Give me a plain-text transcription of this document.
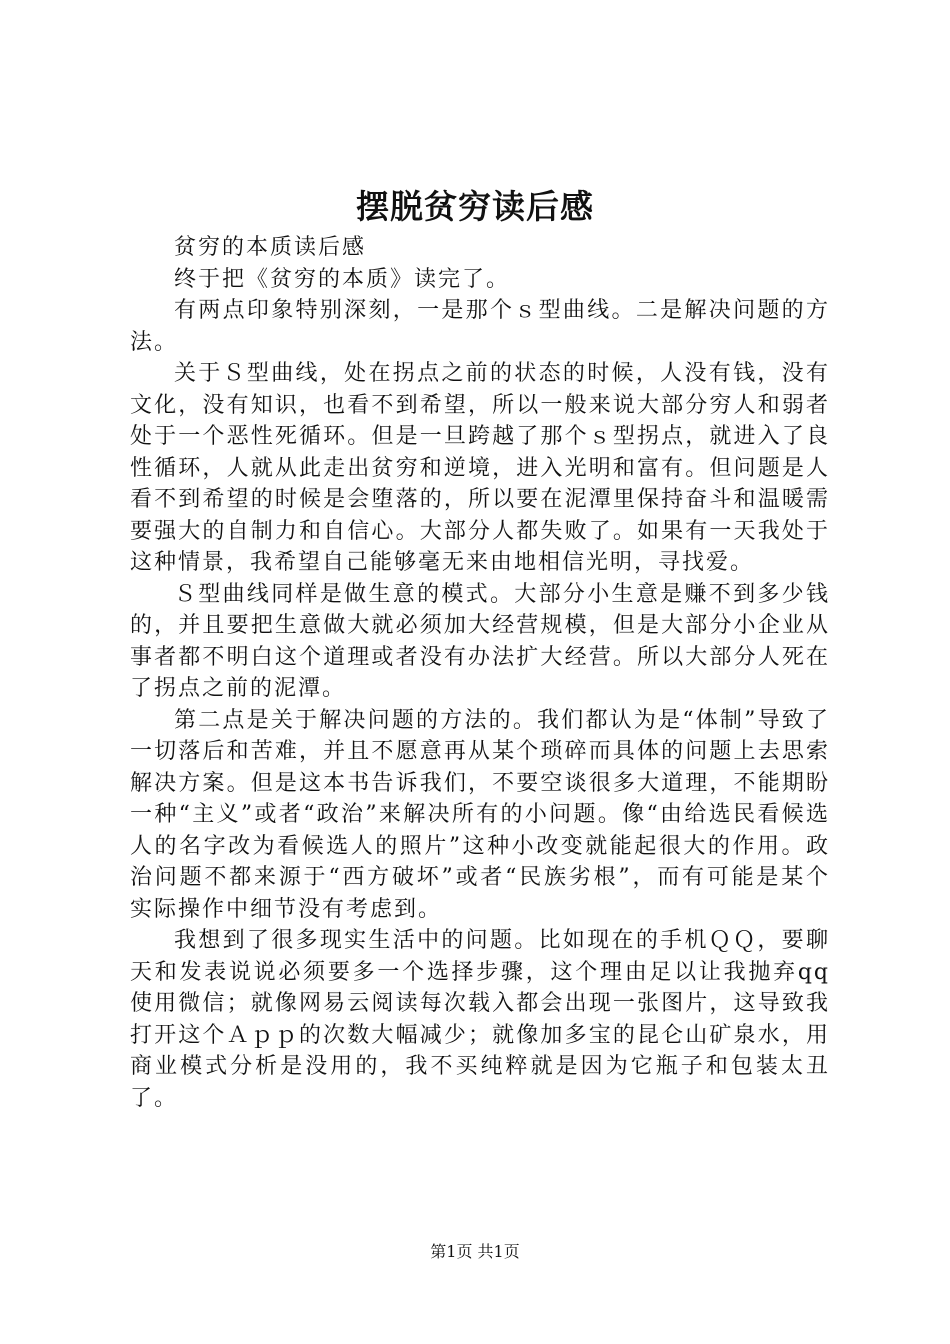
摆脱贫穷读后感

贫穷的本质读后感

终于把《贫穷的本质》读完了。

有两点印象特别深刻，一是那个ｓ型曲线。二是解决问题的方法。

关于Ｓ型曲线，处在拐点之前的状态的时候，人没有钱，没有文化，没有知识，也看不到希望，所以一般来说大部分穷人和弱者处于一个恶性死循环。但是一旦跨越了那个ｓ型拐点，就进入了良性循环，人就从此走出贫穷和逆境，进入光明和富有。但问题是人看不到希望的时候是会堕落的，所以要在泥潭里保持奋斗和温暖需要强大的自制力和自信心。大部分人都失败了。如果有一天我处于这种情景，我希望自己能够毫无来由地相信光明，寻找爱。

Ｓ型曲线同样是做生意的模式。大部分小生意是赚不到多少钱的，并且要把生意做大就必须加大经营规模，但是大部分小企业从事者都不明白这个道理或者没有办法扩大经营。所以大部分人死在了拐点之前的泥潭。

第二点是关于解决问题的方法的。我们都认为是“体制”导致了一切落后和苦难，并且不愿意再从某个琐碎而具体的问题上去思索解决方案。但是这本书告诉我们，不要空谈很多大道理，不能期盼一种“主义”或者“政治”来解决所有的小问题。像“由给选民看候选人的名字改为看候选人的照片”这种小改变就能起很大的作用。政治问题不都来源于“西方破坏”或者“民族劣根”，而有可能是某个实际操作中细节没有考虑到。

我想到了很多现实生活中的问题。比如现在的手机ＱＱ，要聊天和发表说说必须要多一个选择步骤，这个理由足以让我抛弃qq使用微信；就像网易云阅读每次载入都会出现一张图片，这导致我打开这个Ａｐｐ的次数大幅减少；就像加多宝的昆仑山矿泉水，用商业模式分析是没用的，我不买纯粹就是因为它瓶子和包装太丑了。

第1页 共1页
